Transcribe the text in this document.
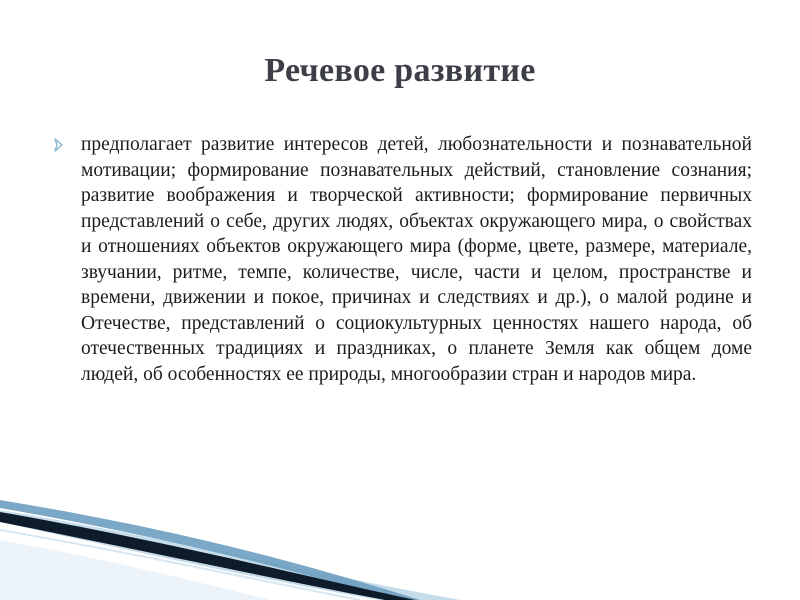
Речевое развитие

предполагает развитие интересов детей, любознательности и познавательной мотивации; формирование познавательных действий, становление сознания; развитие воображения и творческой активности; формирование первичных представлений о себе, других людях, объектах окружающего мира, о свойствах и отношениях объектов окружающего мира (форме, цвете, размере, материале, звучании, ритме, темпе, количестве, числе, части и целом, пространстве и времени, движении и покое, причинах и следствиях и др.), о малой родине и Отечестве, представлений о социокультурных ценностях нашего народа, об отечественных традициях и праздниках, о планете Земля как общем доме людей, об особенностях ее природы, многообразии стран и народов мира.
